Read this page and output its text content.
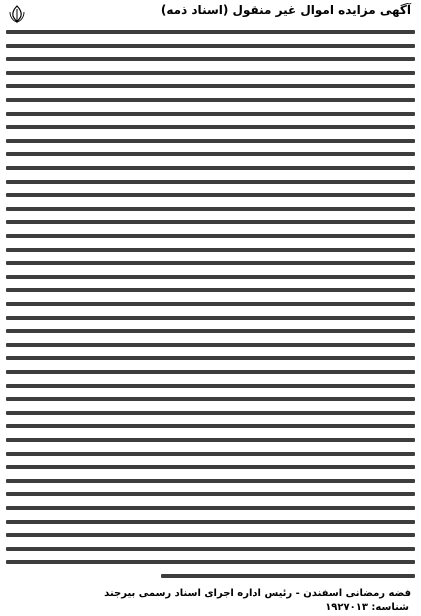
آگهی مزایده اموال غیر منقول (اسناد ذمه)
شناسه: ۱۹۲۷۰۱۳
فضه رمضانی اسفندن - رئیس اداره اجرای اسناد رسمی بیرجند
